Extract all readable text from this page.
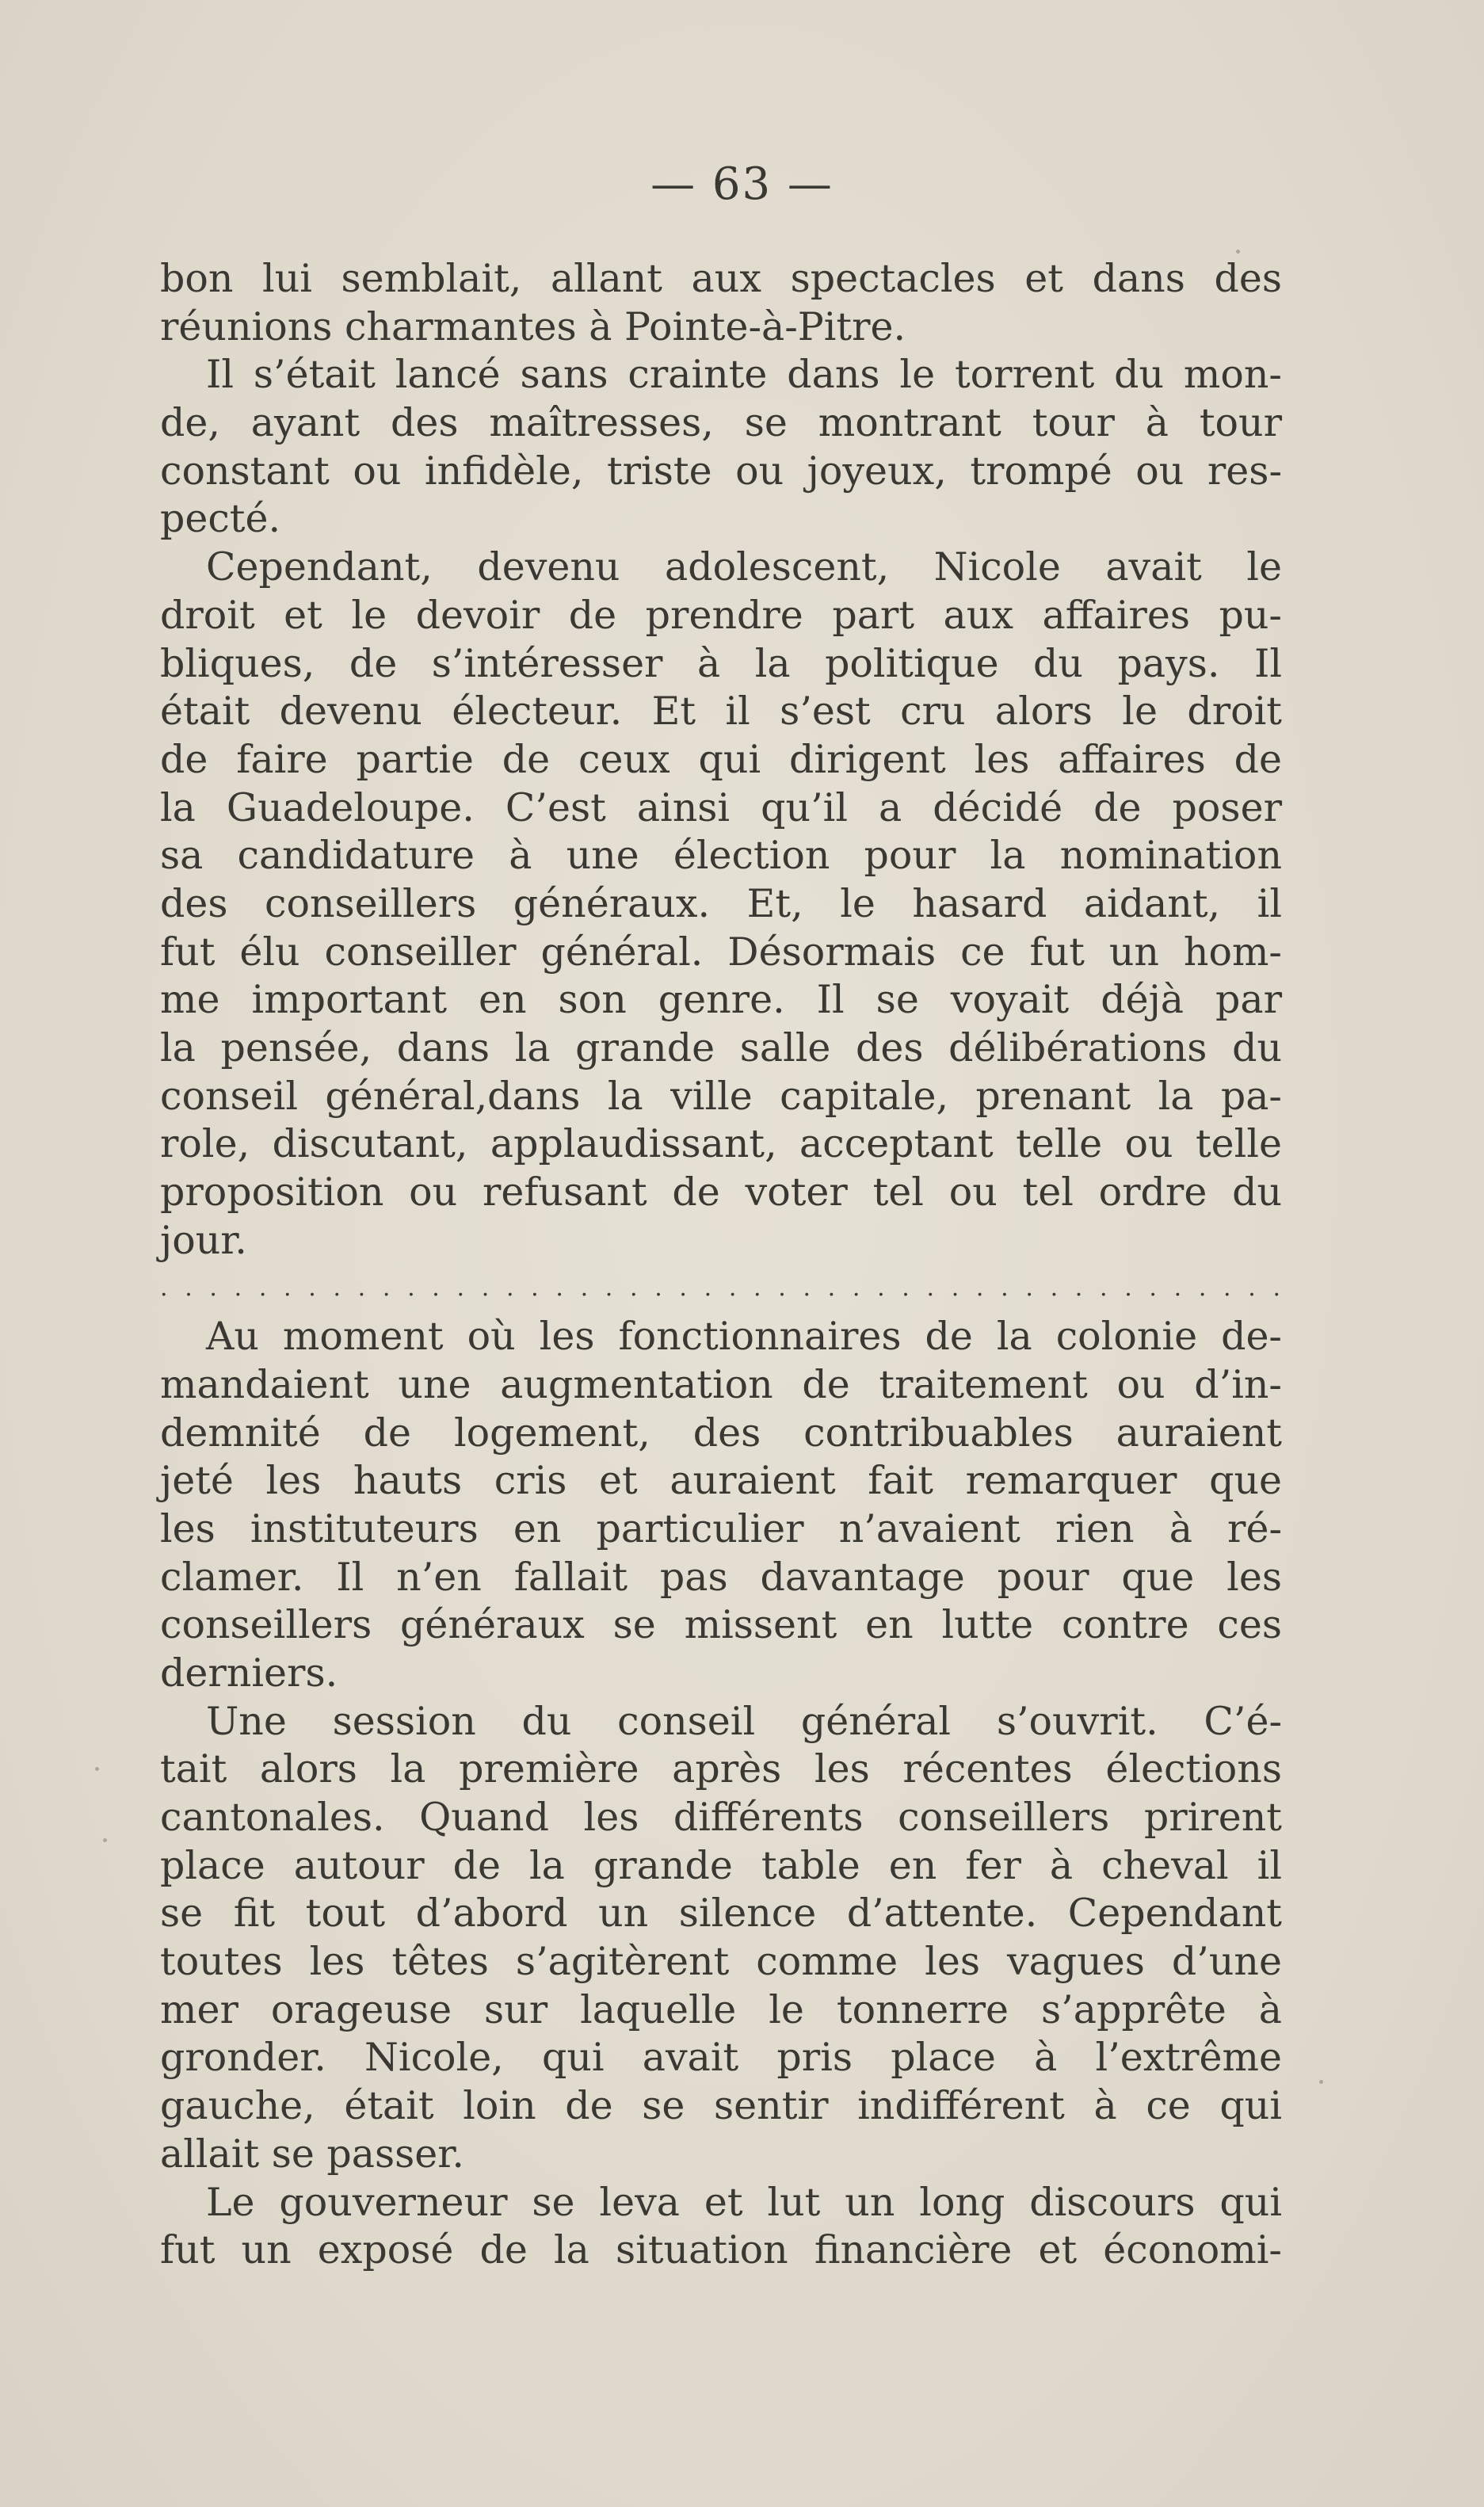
— 63 —
bon lui semblait, allant aux spectacles et dans des
réunions charmantes à Pointe-à-Pitre.
Il s’était lancé sans crainte dans le torrent du mon-
de, ayant des maîtresses, se montrant tour à tour
constant ou infidèle, triste ou joyeux, trompé ou res-
pecté.
Cependant, devenu adolescent, Nicole avait le
droit et le devoir de prendre part aux affaires pu-
bliques, de s’intéresser à la politique du pays. Il
était devenu électeur. Et il s’est cru alors le droit
de faire partie de ceux qui dirigent les affaires de
la Guadeloupe. C’est ainsi qu’il a décidé de poser
sa candidature à une élection pour la nomination
des conseillers généraux. Et, le hasard aidant, il
fut élu conseiller général. Désormais ce fut un hom-
me important en son genre. Il se voyait déjà par
la pensée, dans la grande salle des délibérations du
conseil général,dans la ville capitale, prenant la pa-
role, discutant, applaudissant, acceptant telle ou telle
proposition ou refusant de voter tel ou tel ordre du
jour.
. . . . . . . . . . . . . . . . . . . . . . . . . . . . . . . . . . . . . . . . . . . . . .
Au moment où les fonctionnaires de la colonie de-
mandaient une augmentation de traitement ou d’in-
demnité de logement, des contribuables auraient
jeté les hauts cris et auraient fait remarquer que
les instituteurs en particulier n’avaient rien à ré-
clamer. Il n’en fallait pas davantage pour que les
conseillers généraux se missent en lutte contre ces
derniers.
Une session du conseil général s’ouvrit. C’é-
tait alors la première après les récentes élections
cantonales. Quand les différents conseillers prirent
place autour de la grande table en fer à cheval il
se fit tout d’abord un silence d’attente. Cependant
toutes les têtes s’agitèrent comme les vagues d’une
mer orageuse sur laquelle le tonnerre s’apprête à
gronder. Nicole, qui avait pris place à l’extrême
gauche, était loin de se sentir indifférent à ce qui
allait se passer.
Le gouverneur se leva et lut un long discours qui
fut un exposé de la situation financière et économi-
